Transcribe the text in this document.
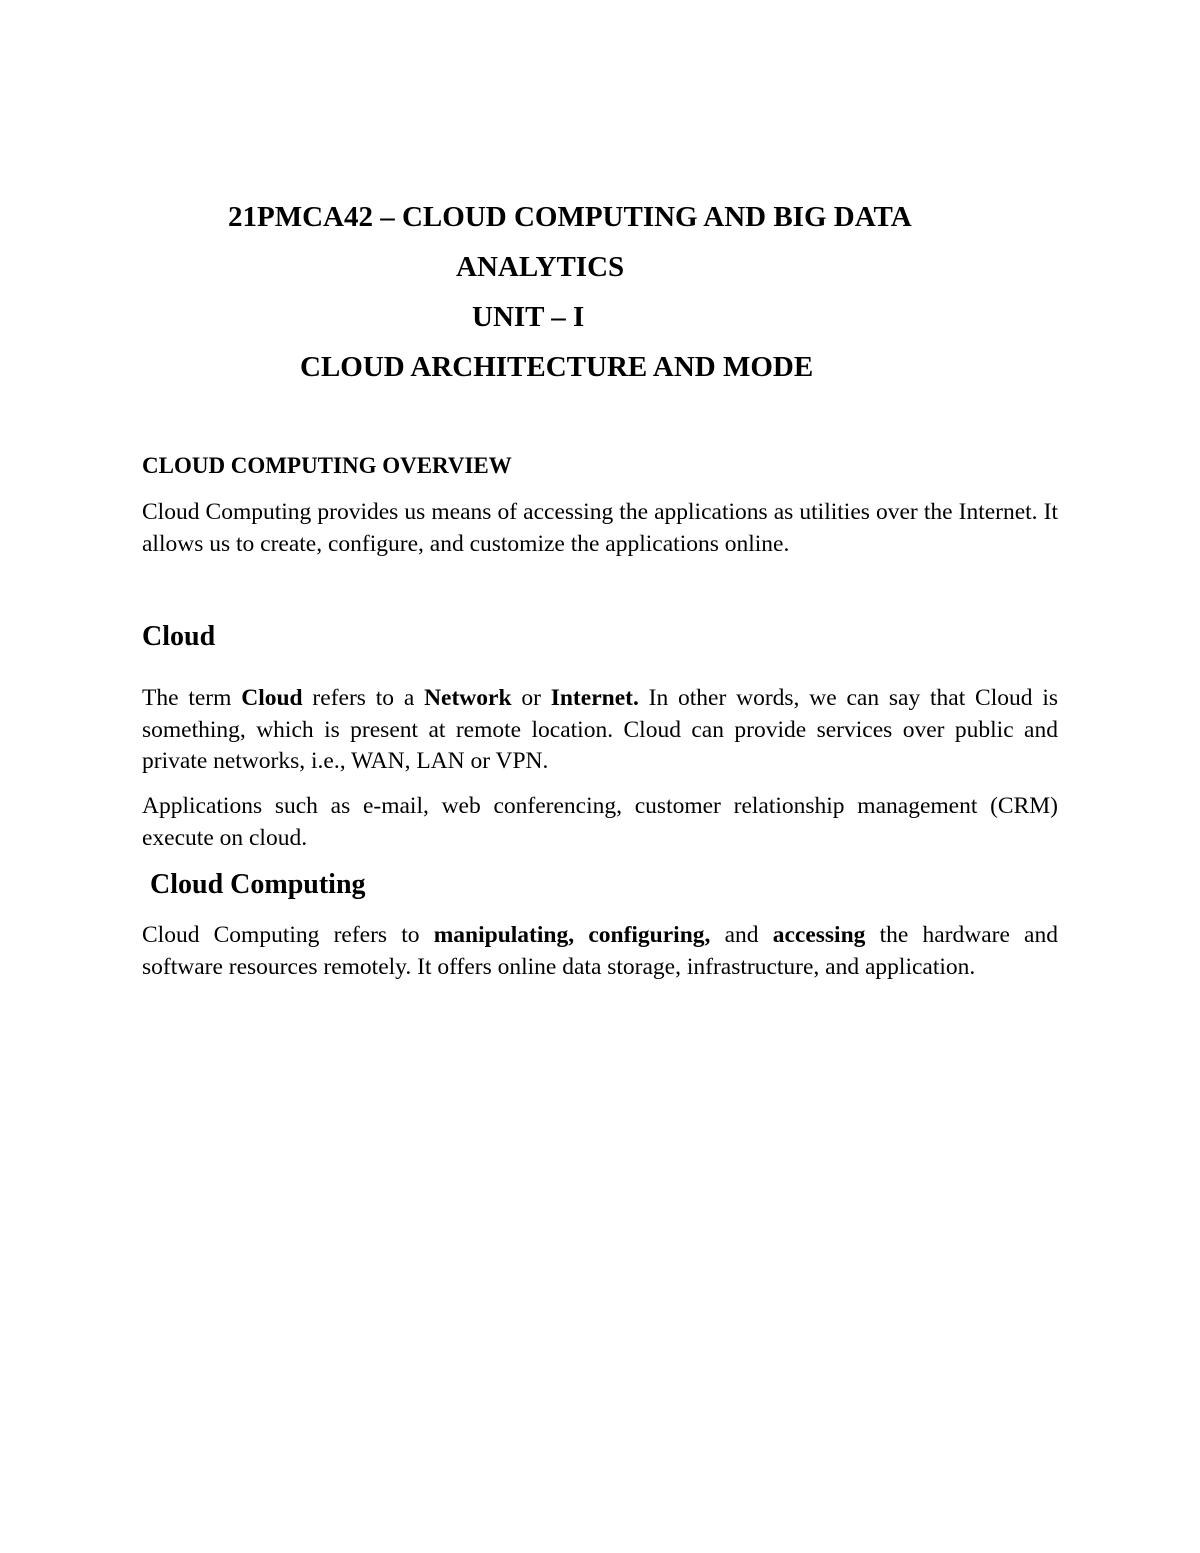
21PMCA42 – CLOUD COMPUTING AND BIG DATA
ANALYTICS
UNIT – I
CLOUD ARCHITECTURE AND MODE
CLOUD COMPUTING OVERVIEW
Cloud Computing provides us means of accessing the applications as utilities over the Internet. It allows us to create, configure, and customize the applications online.
Cloud
The term Cloud refers to a Network or Internet. In other words, we can say that Cloud is something, which is present at remote location. Cloud can provide services over public and private networks, i.e., WAN, LAN or VPN.
Applications such as e-mail, web conferencing, customer relationship management (CRM) execute on cloud.
Cloud Computing
Cloud Computing refers to manipulating, configuring, and accessing the hardware and software resources remotely. It offers online data storage, infrastructure, and application.
